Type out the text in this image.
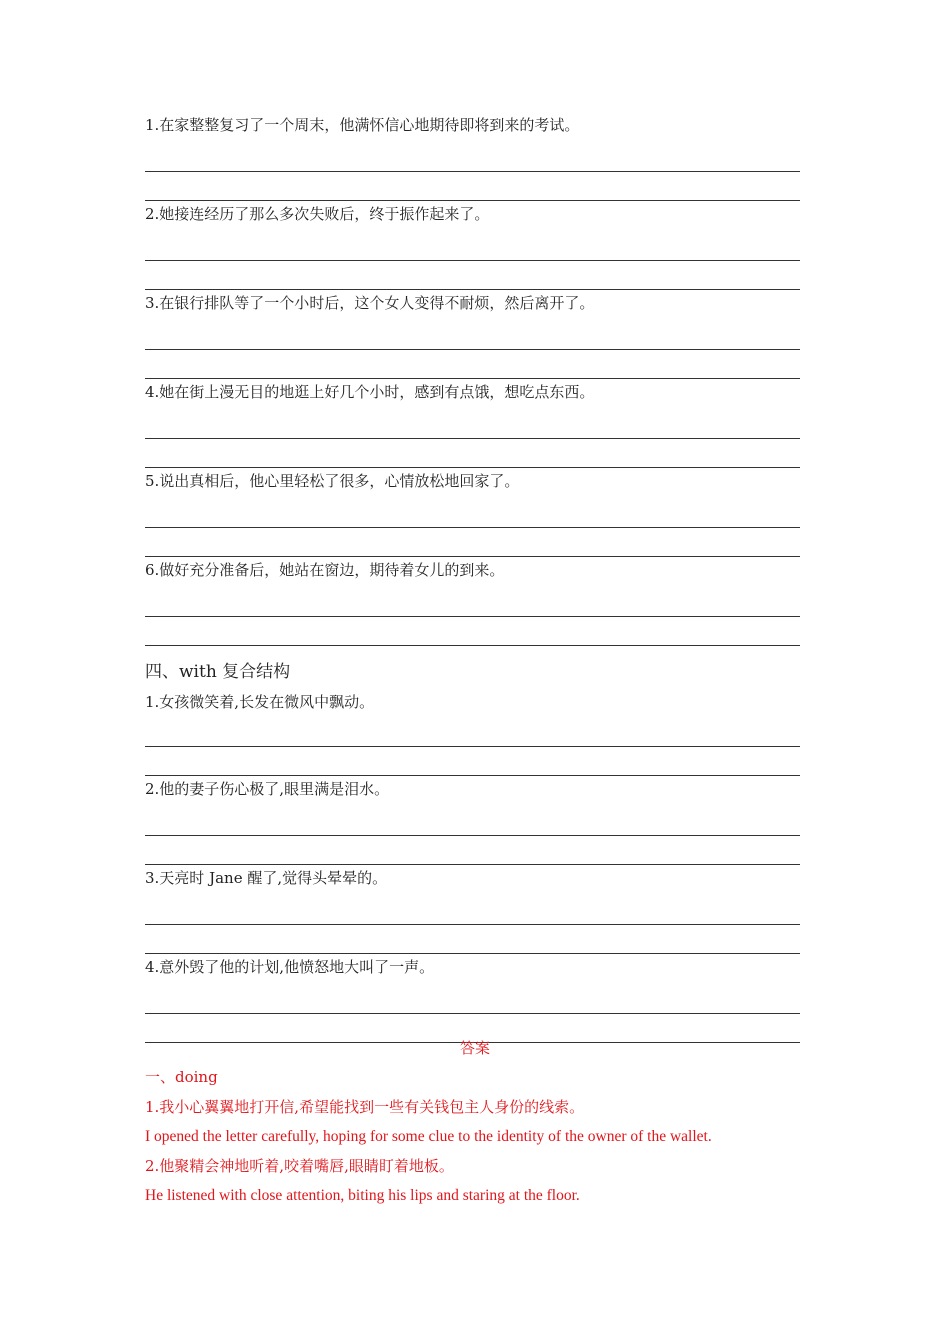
1.在家整整复习了一个周末，他满怀信心地期待即将到来的考试。
2.她接连经历了那么多次失败后，终于振作起来了。
3.在银行排队等了一个小时后，这个女人变得不耐烦，然后离开了。
4.她在街上漫无目的地逛上好几个小时，感到有点饿，想吃点东西。
5.说出真相后，他心里轻松了很多，心情放松地回家了。
6.做好充分准备后，她站在窗边，期待着女儿的到来。
四、with 复合结构
1.女孩微笑着,长发在微风中飘动。
2.他的妻子伤心极了,眼里满是泪水。
3.天亮时 Jane 醒了,觉得头晕晕的。
4.意外毁了他的计划,他愤怒地大叫了一声。
答案
一、doing
1.我小心翼翼地打开信,希望能找到一些有关钱包主人身份的线索。
I opened the letter carefully, hoping for some clue to the identity of the owner of the wallet.
2.他聚精会神地听着,咬着嘴唇,眼睛盯着地板。
He listened with close attention, biting his lips and staring at the floor.
